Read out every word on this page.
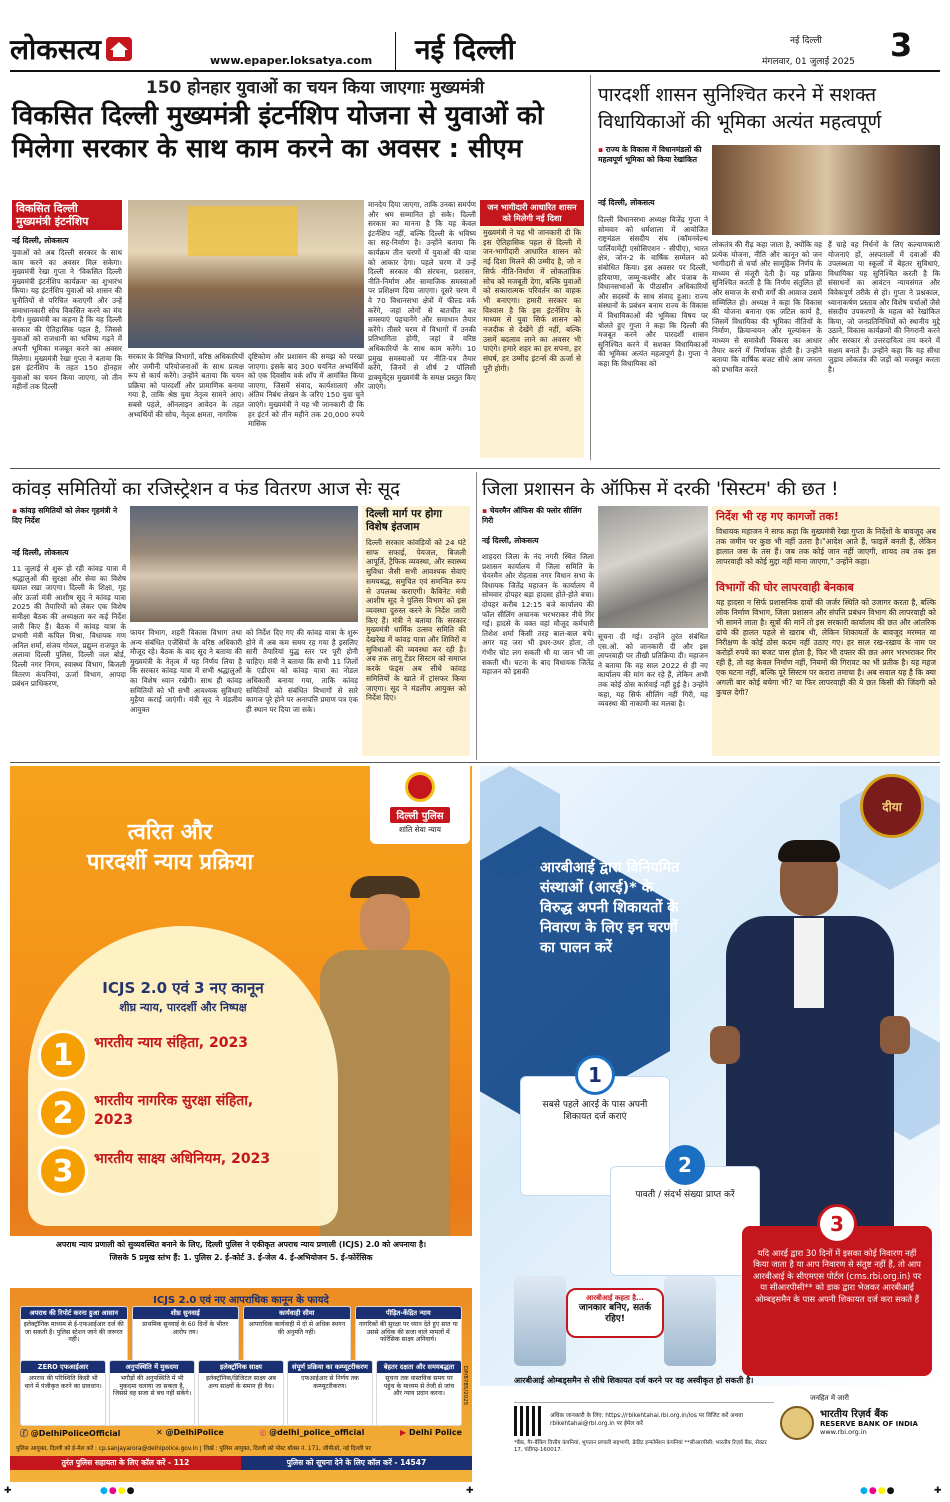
लोकसत्य	www.epaper.loksatya.com नई दिल्ली	नई दिल्ली 3
मंगलवार, 01 जुलाई 2025
150 होनहार युवाओं का चयन किया जाएगाः मुख्यमंत्री
विकसित दिल्ली मुख्यमंत्री इंटर्नशिप योजना से युवाओं को मिलेगा सरकार के साथ काम करने का अवसर : सीएम
विकसित दिल्ली
मुख्यमंत्री इंटर्नशिप
नई दिल्ली, लोकसत्य
युवाओं को अब दिल्ली सरकार के साथ काम करने का अवसर मिल सकेगा। मुख्यमंत्री रेखा गुप्ता ने 'विकसित दिल्ली मुख्यमंत्री इंटर्नशिप कार्यक्रम' का शुभारंभ किया। यह इंटर्नशिप युवाओं को शासन की चुनौतियों से परिचित कराएगी और उन्हें समाधानकारी सोच विकसित करने का मंच देगी। मुख्यमंत्री का कहना है कि यह दिल्ली सरकार की ऐतिहासिक पहल है, जिससे युवाओं को राजधानी का भविष्य गढ़ने में अपनी भूमिका मजबूत करने का अवसर मिलेगा। मुख्यमंत्री रेखा गुप्ता ने बताया कि इस इंटर्नशिप के तहत 150 होनहार युवाओं का चयन किया जाएगा, जो तीन महीनों तक दिल्ली
सरकार के विभिन्न विभागों, वरिष्ठ अधिकारियों और जमीनी परियोजनाओं के साथ प्रत्यक्ष रूप से कार्य करेंगे। उन्होंने बताया कि चयन प्रक्रिया को पारदर्शी और प्रामाणिक बनाया गया है, ताकि श्रेष्ठ युवा नेतृत्व सामने आए। सबसे पहले, ऑनलाइन आवेदन के तहत अभ्यर्थियों की सोच, नेतृत्व क्षमता, नागरिक
दृष्टिकोण और प्रशासन की समझ को परखा जाएगा। इसके बाद 300 चयनित अभ्यर्थियों को एक दिवसीय वर्क शॉप में आमंत्रित किया जाएगा, जिसमें संवाद, कार्यशालाएं और अंतिम निबंध लेखन के जरिए 150 युवा चुने जाएंगे। मुख्यमंत्री ने यह भी जानकारी दी कि हर इंटर्न को तीन महीने तक 20,000 रुपये मासिक
मानदेय दिया जाएगा, ताकि उनका समर्पण और श्रम सम्मानित हो सके। दिल्ली सरकार का मानना है कि यह केवल इंटर्नशिप नहीं, बल्कि दिल्ली के भविष्य का सह-निर्माण है। उन्होंने बताया कि कार्यक्रम तीन चरणों में युवाओं की यात्रा को आकार देगा। पहले चरण में उन्हें दिल्ली सरकार की संरचना, प्रशासन, नीति-निर्माण और सामाजिक समस्याओं पर प्रशिक्षण दिया जाएगा। दूसरे चरण में वे 70 विधानसभा क्षेत्रों में फील्ड वर्क करेंगे, जहां लोगों से बातचीत कर समस्याएं पहचानेंगे और समाधान तैयार करेंगे। तीसरे चरण में विभागों में उनकी प्रतिभागिता होगी, जहां वे वरिष्ठ अधिकारियों के साथ काम करेंगे। 10 प्रमुख समस्याओं पर नीति-पत्र तैयार करेंगे, जिनमें से शीर्ष 2 पॉलिसी डाक्यूमेंट्स मुख्यमंत्री के समक्ष प्रस्तुत किए जाएंगे।
जन भागीदारी आधारित शासन को मिलेगी नई दिशा
मुख्यमंत्री ने यह भी जानकारी दी कि इस ऐतिहासिक पहल से दिल्ली में जन-भागीदारी आधारित शासन को नई दिशा मिलने की उम्मीद है, जो न सिर्फ नीति-निर्माण में लोकतांत्रिक सोच को मजबूती देगा, बल्कि युवाओं को सकारात्मक परिवर्तन का वाहक भी बनाएगा। हमारी सरकार का विश्वास है कि इस इंटर्नशिप के माध्यम से युवा सिर्फ शासन को नजदीक से देखेंगे ही नहीं, बल्कि उसमें बदलाव लाने का अवसर भी पाएंगे। हमारे शहर का हर सपना, हर संघर्ष, हर उम्मीद इंटर्न्स की ऊर्जा से पूरी होगी।
पारदर्शी शासन सुनिश्चित करने में सशक्त विधायिकाओं की भूमिका अत्यंत महत्वपूर्ण
▪ राज्य के विकास में विधानमंडलों की महत्वपूर्ण भूमिका को किया रेखांकित
नई दिल्ली, लोकसत्य
दिल्ली विधानसभा अध्यक्ष विजेंद्र गुप्ता ने सोमवार को धर्मशाला में आयोजित राष्ट्रमंडल संसदीय संघ (कॉमनवेल्थ पार्लियामेंट्री एसोसिएशन - सीपीए), भारत क्षेत्र, जोन-2 के वार्षिक सम्मेलन को संबोधित किया। इस अवसर पर दिल्ली, हरियाणा, जम्मू-कश्मीर और पंजाब के विधानसभाओं के पीठासीन अधिकारियों और सदस्यों के साथ संवाद हुआ। राज्य संस्थानों के प्रबंधन बनाम राज्य के विकास में विधायिकाओं की भूमिका विषय पर बोलते हुए गुप्ता ने कहा कि दिल्ली की मजबूत करने और पारदर्शी शासन सुनिश्चित करने में सशक्त विधायिकाओं की भूमिका अत्यंत महत्वपूर्ण है। गुप्ता ने कहा कि विधायिका को
लोकतंत्र की रीढ़ कहा जाता है, क्योंकि वह प्रत्येक योजना, नीति और कानून को जन भागीदारी से चर्चा और सामूहिक निर्णय के माध्यम से मंजूरी देती है। यह प्रक्रिया सुनिश्चित करती है कि निर्णय संतुलित हों और समाज के सभी वर्गों की आवाज उसमें सम्मिलित हो। अध्यक्ष ने कहा कि विकास की योजना बनाना एक जटिल कार्य है, जिसमें विधायिका की भूमिका नीतियों के निर्माण, क्रियान्वयन और मूल्यांकन के माध्यम से समावेशी विकास का आधार तैयार करने में निर्णायक होती है। उन्होंने बताया कि वार्षिक बजट सीधे आम जनता को प्रभावित करते
हैं चाहे वह निर्धनों के लिए कल्याणकारी योजनाएं हों, अस्पतालों में दवाओं की उपलब्धता या स्कूलों में बेहतर सुविधाएं, विधायिका यह सुनिश्चित करती है कि संसाधनों का आवंटन न्यायसंगत और विवेकपूर्ण तरीके से हो। गुप्ता ने प्रश्नकाल, ध्यानाकर्षण प्रस्ताव और विशेष चर्चाओं जैसे संसदीय उपकरणों के महत्व को रेखांकित किया, जो जनप्रतिनिधियों को स्थानीय मुद्दे उठाने, विकास कार्यक्रमों की निगरानी करने और सरकार से उत्तरदायित्व तय करने में सक्षम बनाते हैं। उन्होंने कहा कि यह सीधा जुड़ाव लोकतंत्र की जड़ों को मजबूत करता है।
कांवड़ समितियों का रजिस्ट्रेशन व फंड वितरण आज सेः सूद
▪ कांवड़ समितियों को लेकर गृहमंत्री ने दिए निर्देश
नई दिल्ली, लोकसत्य
11 जुलाई से शुरू हो रही कांवड़ यात्रा में श्रद्धालुओं की सुरक्षा और सेवा का विशेष ख्याल रखा जाएगा। दिल्ली के शिक्षा, गृह और ऊर्जा मंत्री आशीष सूद ने कांवड़ यात्रा 2025 की तैयारियों को लेकर एक विशेष समीक्षा बैठक की अध्यक्षता कर कई निर्देश जारी किए हैं। बैठक में कांवड़ यात्रा के प्रभारी मंत्री कपिल मिश्रा, विधायक गण अनिल शर्मा, संजय गोयल, प्रद्युम्न राजपूत के अलावा दिल्ली पुलिस, दिल्ली जल बोर्ड, दिल्ली नगर निगम, स्वास्थ्य विभाग, बिजली वितरण कंपनियां, ऊर्जा विभाग, आपदा प्रबंधन प्राधिकरण,
फायर विभाग, शहरी विकास विभाग तथा अन्य संबंधित एजेंसियों के वरिष्ठ अधिकारी मौजूद रहे। बैठक के बाद सूद ने बताया की मुख्यमंत्री के नेतृत्व में यह निर्णय लिया है कि सरकार कांवड़ यात्रा में सभी श्रद्धालुओं का विशेष ध्यान रखेगी। साथ ही कांवड़ समितियों को भी सभी आवश्यक सुविधाएं मुहैया कराई जाएंगी। मंत्री सूद ने मंडलीय आयुक्त
को निर्देश दिए गए की कांवड़ यात्रा के शुरू होने में अब कम समय रह गया है इसलिए सारी तैयारियां युद्ध स्तर पर पूरी होनी चाहिए। मंत्री ने बताया कि सभी 11 जिलों के एडीएम को कांवड़ यात्रा का नोडल अधिकारी बनाया गया, ताकि कांवड़ समितियों को संबंधित विभागों से सारे कागज पूरे होने पर अनापत्ति प्रमाण पत्र एक ही स्थान पर दिया जा सके।
दिल्ली मार्ग पर होगा विशेष इंतजाम
दिल्ली सरकार कांवड़ियों को 24 घंटे साफ सफाई, पेयजल, बिजली आपूर्ति, ट्रैफिक व्यवस्था, और स्वास्थ्य सुविधा जैसी सभी आवश्यक सेवाएं समयबद्ध, समुचित एवं समन्वित रूप से उपलब्ध कराएगी। कैबिनेट मंत्री आशीष सूद ने पुलिस विभाग को इस व्यवस्था दुरुस्त करने के निर्देश जारी किए हैं। मंत्री ने बताया कि सरकार मुख्यमंत्री धार्मिक उत्सव समिति की देखरेख में कांवड़ यात्रा और शिविरों व सुविधाओं की व्यवस्था कर रही है। अब तक लागू टेंडर सिस्टम को समाप्त करके फंड्स अब सीधे कांवड़ समितियों के खाते में ट्रांसफर किया जाएगा। सूद ने मंडलीय आयुक्त को निर्देश दिए।
जिला प्रशासन के ऑफिस में दरकी 'सिस्टम' की छत !
▪ चेयरमैन ऑफिस की फ्लोर सीलिंग गिरी
नई दिल्ली, लोकसत्य
शाहदरा जिला के नंद नगरी स्थित जिला प्रशासन कार्यालय में जिला समिति के चेयरमैन और रोहतास नगर विधान सभा के विधायक जितेंद्र महाजन के कार्यालय में सोमवार दोपहर बड़ा हादसा होते-होते बचा। दोपहर करीब 12:15 बजे कार्यालय की फॉल सीलिंग अचानक भरभराकर नीचे गिर गई। हादसे के वक्त वहां मौजूद कर्मचारी तिशेश शर्मा किसी तरह बाल-बाल बचे। अगर यह जरा भी इधर-उधर होता, तो गंभीर चोट लग सकती थी या जान भी जा सकती थी। घटना के बाद विधायक जितेंद्र महाजन को इसकी
सूचना दी गई। उन्होंने तुरंत संबंधित एस.ओ. को जानकारी दी और इस लापरवाही पर तीखी प्रतिक्रिया दी। महाजन ने बताया कि वह साल 2022 से ही नए कार्यालय की मांग कर रहे हैं, लेकिन अभी तक कोई ठोस कार्रवाई नहीं हुई है। उन्होंने कहा, यह सिर्फ सीलिंग नहीं गिरी, यह व्यवस्था की नाकामी का मलबा है।
निर्देश भी रह गए कागजों तक!
विधायक महाजन ने साफ कहा कि मुख्यमंत्री रेखा गुप्ता के निर्देशों के बावजूद अब तक जमीन पर कुछ भी नहीं उतरा है।"आदेश आते हैं, फाइलें बनती हैं, लेकिन हालात जस के तस हैं। जब तक कोई जान नहीं जाएगी, शायद तब तक इस लापरवाही को कोई मुद्दा नहीं माना जाएगा," उन्होंने कहा।
विभागों की घोर लापरवाही बेनकाब
यह हादसा न सिर्फ प्रशासनिक दावों की जर्जर स्थिति को उजागर करता है, बल्कि लोक निर्माण विभाग, जिला प्रशासन और संपत्ति प्रबंधन विभाग की लापरवाही को भी सामने लाता है। सूत्रों की मानें तो इस सरकारी कार्यालय की छत और आंतरिक ढांचे की हालत पहले से खराब थी, लेकिन शिकायतों के बावजूद मरम्मत या निरीक्षण के कोई ठोस कदम नहीं उठाए गए। हर साल रख-रखाव के नाम पर करोड़ों रुपये का बजट पास होता है, फिर भी दफ्तर की छत अगर भरभराकर गिर रही है, तो यह केवल निर्माण नहीं, नियमों की गिरावट का भी प्रतीक है। यह महज एक घटना नहीं, बल्कि पूरे सिस्टम पर करारा तमाचा है। अब सवाल यह है कि क्या अगली बार कोई बचेगा भी? या फिर लापरवाही की ये छत किसी की जिंदगी को कुचल देगी?
दिल्ली पुलिस
शांति सेवा न्याय
त्वरित और
पारदर्शी न्याय प्रक्रिया
ICJS 2.0 एवं 3 नए कानून
शीघ्र न्याय, पारदर्शी और निष्पक्ष
1	भारतीय न्याय संहिता, 2023
2	भारतीय नागरिक सुरक्षा संहिता, 2023
3	भारतीय साक्ष्य अधिनियम, 2023
अपराध न्याय प्रणाली को सुव्यवस्थित बनाने के लिए, दिल्ली पुलिस ने एकीकृत अपराध न्याय प्रणाली (ICJS) 2.0 को अपनाया है।
जिसके 5 प्रमुख स्तंभ हैं: 1. पुलिस 2. ई-कोर्ट 3. ई-जेल 4. ई-अभियोजन 5. ई-फोरेंसिक
ICJS 2.0 एवं नए आपराधिक कानून के फायदे
अपराध की रिपोर्ट करना हुआ आसान
इलेक्ट्रॉनिक माध्यम से ई-एफआईआर दर्ज की जा सकती है। पुलिस स्टेशन जाने की जरूरत नहीं।
शीघ्र सुनवाई
प्राथमिक सुनवाई के 60 दिनों के भीतर आरोप तय।
कार्यवाही सीमा
आपराधिक कार्यवाही में दो से अधिक स्थगन की अनुमति नहीं।
पीड़ित-केंद्रित न्याय
नागरिकों की सुरक्षा पर ध्यान देते हुए सात या उससे अधिक की सजा वाले मामलों में फोरेंसिक साक्ष्य अनिवार्य।
ZERO एफआईआर
अपराध की परिस्थिति किसी भी थाने में पंजीकृत करने का प्रावधान।
अनुपस्थिति में मुकदमा
भगौड़ों की अनुपस्थिति में भी मुकदमा चलाया जा सकता है, जिससे वह सजा से बच नहीं सकेंगे।
इलेक्ट्रॉनिक साक्ष्य
इलेक्ट्रॉनिक/डिजिटल साक्ष्य अब अन्य साक्ष्यों के समान ही वैध।
संपूर्ण प्रक्रिया का कम्प्यूटरीकरण
एफआईआर से निर्णय तक कम्प्यूटरीकरण।
बेहतर दक्षता और समयबद्धता
सूचना तक वास्तविक समय पर पहुंच के माध्यम से तेजी से जांच और न्याय प्रदान करना।
ⓕ @DelhiPoliceOfficial	✕ @DelhiPolice	◎ @delhi_police_official	▶ Delhi Police
पुलिस आयुक्त, दिल्ली को ई-मेल करें : cp.sanjayarora@delhipolice.gov.in | लिखें : पुलिस आयुक्त, दिल्ली को पोस्ट बॉक्स नं. 171, जीपीओ, नई दिल्ली पर
तुरंत पुलिस सहायता के लिए कॉल करें - 112	पुलिस को सूचना देने के लिए कॉल करें - 14547
DP/8785/2025
दीया
आरबीआई द्वारा विनियमित संस्थाओं (आरई)* के विरुद्ध अपनी शिकायतों के निवारण के लिए इन चरणों का पालन करें
1
सबसे पहले आरई के पास अपनी शिकायत दर्ज कराएं
2
पावती / संदर्भ संख्या प्राप्त करें
3
यदि आरई द्वारा 30 दिनों में इसका कोई निवारण नहीं किया जाता है या आप निवारण से संतुष्ट नहीं हैं, तो आप आरबीआई के सीएमएस पोर्टल (cms.rbi.org.in) पर या सीआरपीसी** को डाक द्वारा भेजकर आरबीआई ओम्बड्समैन के पास अपनी शिकायत दर्ज करा सकते हैं
आरबीआई कहता है...
जानकार बनिए, सतर्क रहिए!
आरबीआई ओम्बड्समैन से सीधे शिकायत दर्ज करने पर वह अस्वीकृत हो सकती है।
अधिक जानकारी के लिए: https://rbikehtahai.rbi.org.in/ios पर विजिट करें अथवा rbikehtahai@rbi.org.in पर ईमेल करें
*बैंक, गैर-बैंकिंग वित्तीय कंपनियां, भुगतान प्रणाली सहभागी, क्रेडिट इन्फॉर्मेशन कंपनियां **सीआरपीसी: भारतीय रिज़र्व बैंक, सेक्टर 17, चंडीगढ़-160017.
जनहित में जारी
भारतीय रिज़र्व बैंक
RESERVE BANK OF INDIA
www.rbi.org.in
✚	●●●●	✚	●●●●	✚
